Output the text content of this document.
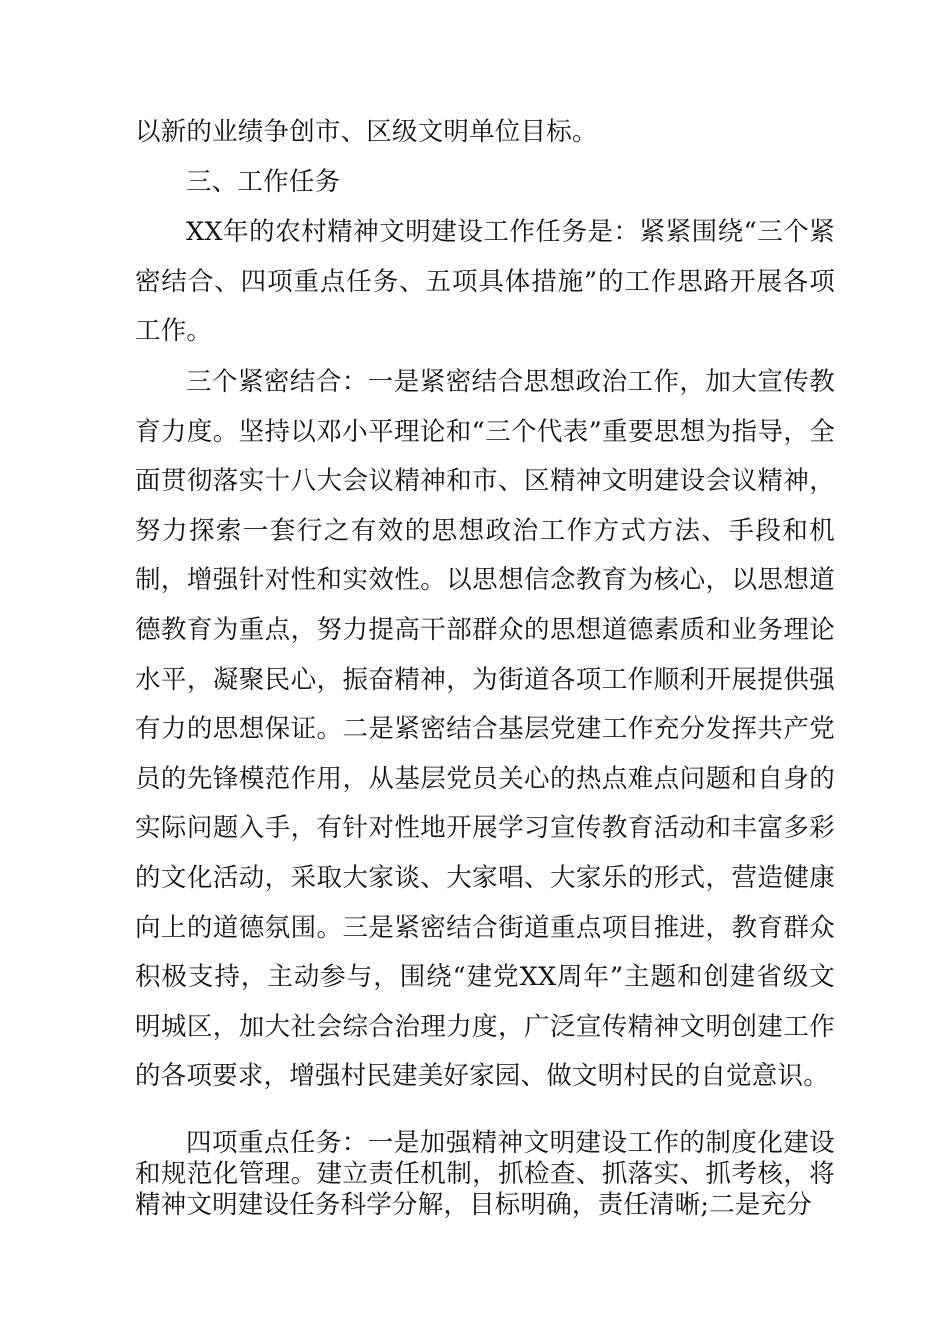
以新的业绩争创市、区级文明单位目标。

三、工作任务

XX年的农村精神文明建设工作任务是：紧紧围绕“三个紧密结合、四项重点任务、五项具体措施”的工作思路开展各项工作。

三个紧密结合：一是紧密结合思想政治工作，加大宣传教育力度。坚持以邓小平理论和“三个代表”重要思想为指导，全面贯彻落实十八大会议精神和市、区精神文明建设会议精神，努力探索一套行之有效的思想政治工作方式方法、手段和机制，增强针对性和实效性。以思想信念教育为核心，以思想道德教育为重点，努力提高干部群众的思想道德素质和业务理论水平，凝聚民心，振奋精神，为街道各项工作顺利开展提供强有力的思想保证。二是紧密结合基层党建工作充分发挥共产党员的先锋模范作用，从基层党员关心的热点难点问题和自身的实际问题入手，有针对性地开展学习宣传教育活动和丰富多彩的文化活动，采取大家谈、大家唱、大家乐的形式，营造健康向上的道德氛围。三是紧密结合街道重点项目推进，教育群众积极支持，主动参与，围绕“建党XX周年”主题和创建省级文明城区，加大社会综合治理力度，广泛宣传精神文明创建工作的各项要求，增强村民建美好家园、做文明村民的自觉意识。

四项重点任务：一是加强精神文明建设工作的制度化建设和规范化管理。建立责任机制，抓检查、抓落实、抓考核，将精神文明建设任务科学分解，目标明确，责任清晰;二是充分
